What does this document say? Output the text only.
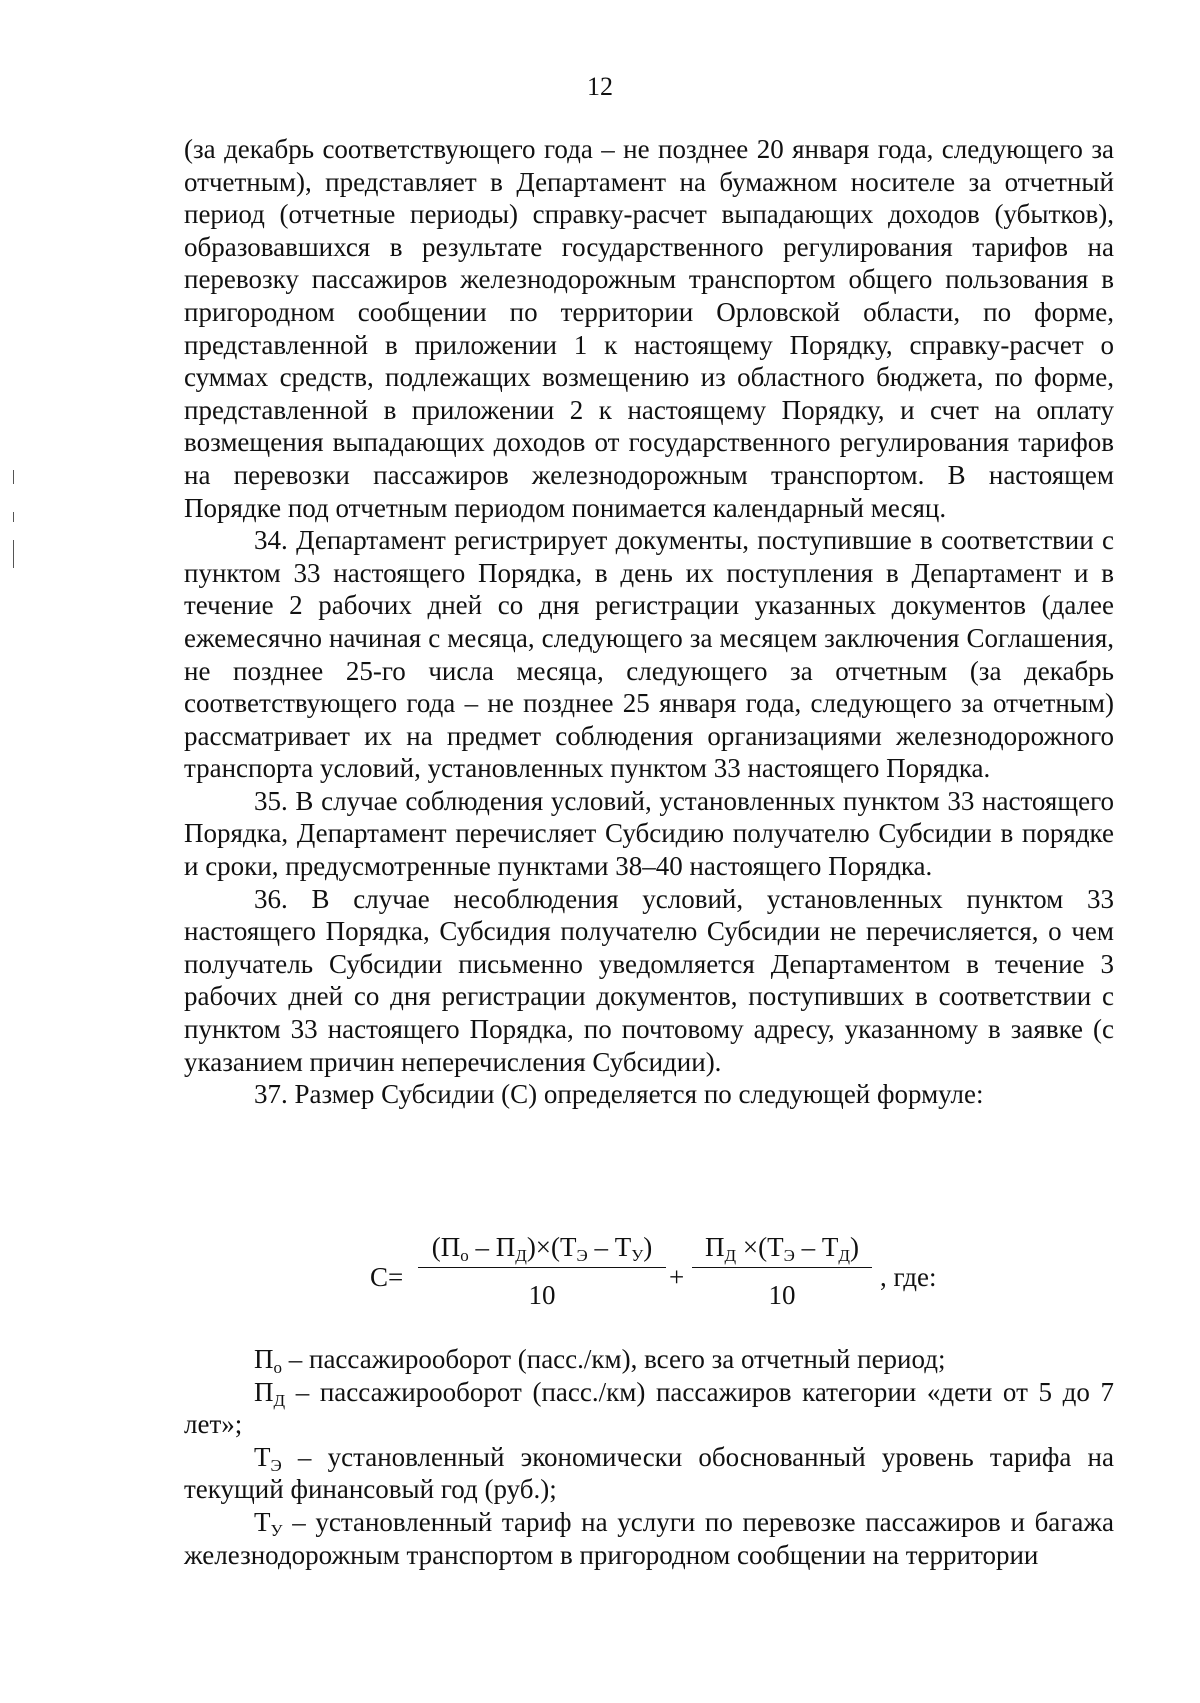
12

(за декабрь соответствующего года – не позднее 20 января года, следующего за отчетным), представляет в Департамент на бумажном носителе за отчетный период (отчетные периоды) справку-расчет выпадающих доходов (убытков), образовавшихся в результате государственного регулирования тарифов на перевозку пассажиров железнодорожным транспортом общего пользования в пригородном сообщении по территории Орловской области, по форме, представленной в приложении 1 к настоящему Порядку, справку-расчет о суммах средств, подлежащих возмещению из областного бюджета, по форме, представленной в приложении 2 к настоящему Порядку, и счет на оплату возмещения выпадающих доходов от государственного регулирования тарифов на перевозки пассажиров железнодорожным транспортом. В настоящем Порядке под отчетным периодом понимается календарный месяц.

34. Департамент регистрирует документы, поступившие в соответствии с пунктом 33 настоящего Порядка, в день их поступления в Департамент и в течение 2 рабочих дней со дня регистрации указанных документов (далее ежемесячно начиная с месяца, следующего за месяцем заключения Соглашения, не позднее 25-го числа месяца, следующего за отчетным (за декабрь соответствующего года – не позднее 25 января года, следующего за отчетным) рассматривает их на предмет соблюдения организациями железнодорожного транспорта условий, установленных пунктом 33 настоящего Порядка.

35. В случае соблюдения условий, установленных пунктом 33 настоящего Порядка, Департамент перечисляет Субсидию получателю Субсидии в порядке и сроки, предусмотренные пунктами 38–40 настоящего Порядка.

36. В случае несоблюдения условий, установленных пунктом 33 настоящего Порядка, Субсидия получателю Субсидии не перечисляется, о чем получатель Субсидии письменно уведомляется Департаментом в течение 3 рабочих дней со дня регистрации документов, поступивших в соответствии с пунктом 33 настоящего Порядка, по почтовому адресу, указанному в заявке (с указанием причин неперечисления Субсидии).

37. Размер Субсидии (С) определяется по следующей формуле:

C=
$(П_о - П_Д)\times(Т_Э - Т_У)$
10
+
$П_Д \times(Т_Э - Т_Д)$
10
, где:

$П_о$ – пассажирооборот (пасс./км), всего за отчетный период;

$П_Д$ – пассажирооборот (пасс./км) пассажиров категории «дети от 5 до 7 лет»;

$Т_Э$ – установленный экономически обоснованный уровень тарифа на текущий финансовый год (руб.);

$Т_У$ – установленный тариф на услуги по перевозке пассажиров и багажа железнодорожным транспортом в пригородном сообщении на территории
